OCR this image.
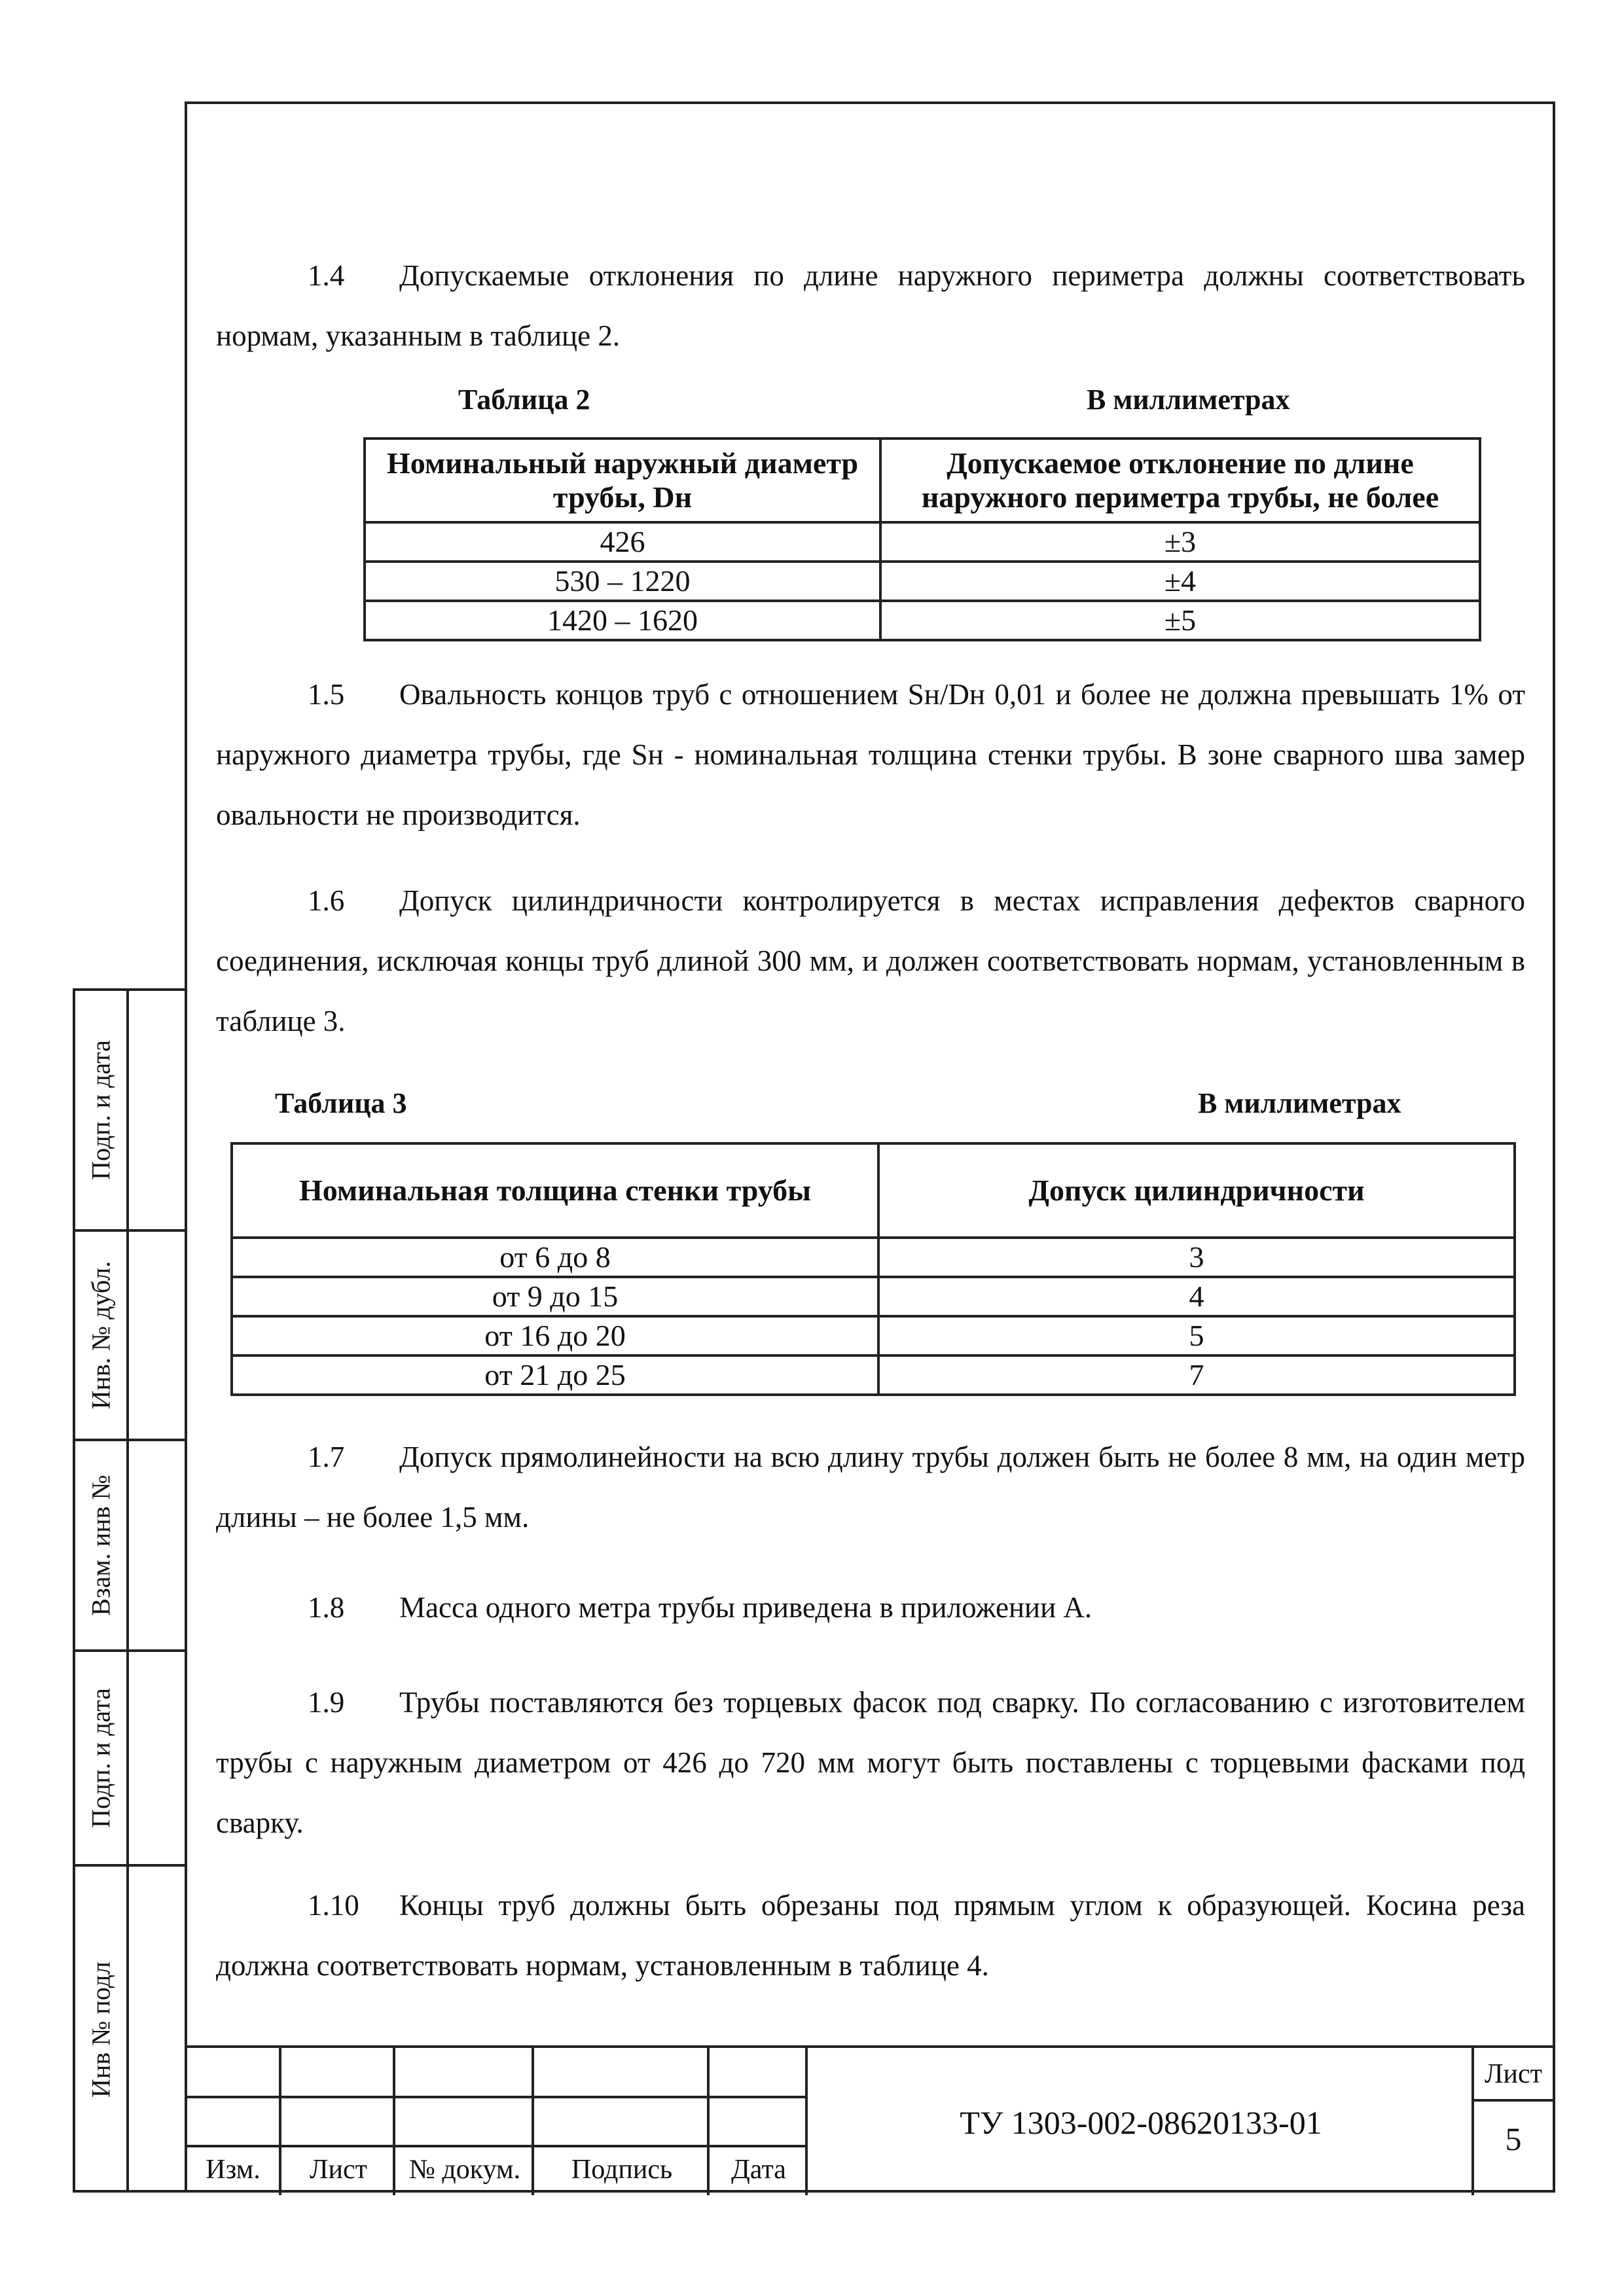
Подп. и дата
Инв. № дубл.
Взам. инв №
Подп. и дата
Инв № подл

1.4 Допускаемые отклонения по длине наружного периметра должны соответствовать нормам, указанным в таблице 2.

Таблица 2	В миллиметрах
Номинальный наружный диаметр трубы, Dн	Допускаемое отклонение по длине наружного периметра трубы, не более
426	±3
530 – 1220	±4
1420 – 1620	±5

1.5 Овальность концов труб с отношением Sн/Dн 0,01 и более не должна превышать 1% от наружного диаметра трубы, где Sн - номинальная толщина стенки трубы. В зоне сварного шва замер овальности не производится.

1.6 Допуск цилиндричности контролируется в местах исправления дефектов сварного соединения, исключая концы труб длиной 300 мм, и должен соответствовать нормам, установленным в таблице 3.

Таблица 3	В миллиметрах
Номинальная толщина стенки трубы	Допуск цилиндричности
от 6 до 8	3
от 9 до 15	4
от 16 до 20	5
от 21 до 25	7

1.7 Допуск прямолинейности на всю длину трубы должен быть не более 8 мм, на один метр длины – не более 1,5 мм.

1.8 Масса одного метра трубы приведена в приложении А.

1.9 Трубы поставляются без торцевых фасок под сварку. По согласованию с изготовителем трубы с наружным диаметром от 426 до 720 мм могут быть поставлены с торцевыми фасками под сварку.

1.10 Концы труб должны быть обрезаны под прямым углом к образующей. Косина реза должна соответствовать нормам, установленным в таблице 4.

Изм.	Лист	№ докум.	Подпись	Дата
ТУ 1303-002-08620133-01
Лист
5
